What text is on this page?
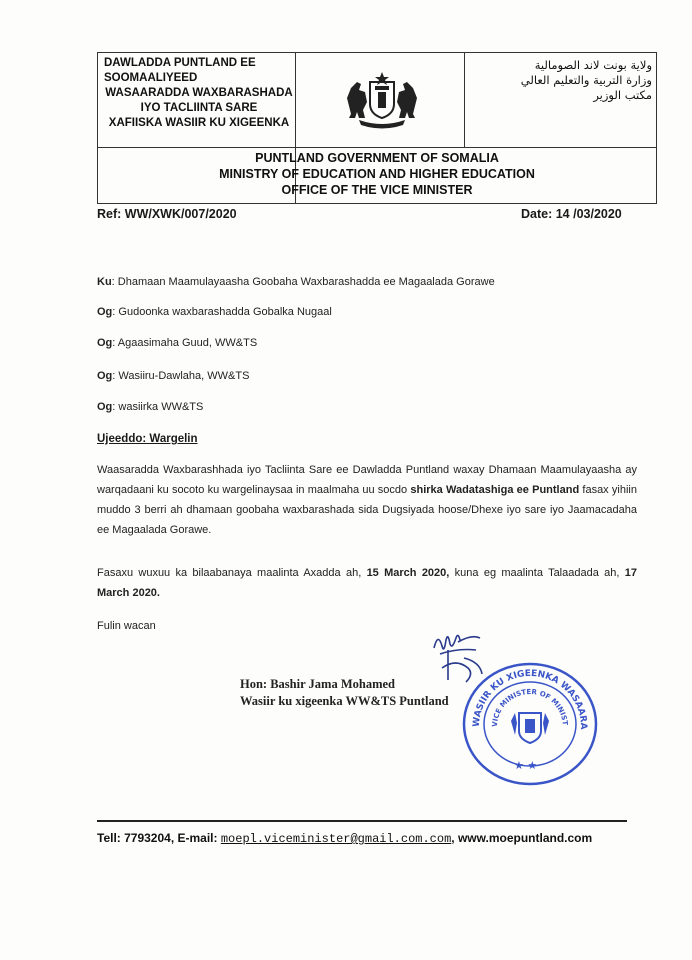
DAWLADDA PUNTLAND EE
SOOMAALIYEED
WASAARADDA WAXBARASHADA
IYO TACLIINTA SARE
XAFIISKA WASIIR KU XIGEENKA
ولاية بونت لاند الصومالية
وزارة التربية والتعليم العالي
مكتب الوزير
PUNTLAND GOVERNMENT OF SOMALIA
MINISTRY OF EDUCATION AND HIGHER EDUCATION
OFFICE OF THE VICE MINISTER
Ref: WW/XWK/007/2020	Date: 14 /03/2020
Ku: Dhamaan Maamulayaasha Goobaha Waxbarashadda ee Magaalada Gorawe
Og: Gudoonka waxbarashadda Gobalka Nugaal
Og: Agaasimaha Guud, WW&TS
Og: Wasiiru-Dawlaha, WW&TS
Og: wasiirka WW&TS
Ujeeddo: Wargelin
Waasaradda Waxbarashhada iyo Tacliinta Sare ee Dawladda Puntland waxay Dhamaan Maamulayaasha ay warqadaani ku socoto ku wargelinaysaa in maalmaha uu socdo shirka Wadatashiga ee Puntland fasax yihiin muddo 3 berri ah dhamaan goobaha waxbarashada sida Dugsiyada hoose/Dhexe iyo sare iyo Jaamacadaha ee Magaalada Gorawe.
Fasaxu wuxuu ka bilaabanaya maalinta Axadda ah, 15 March 2020, kuna eg maalinta Talaadada ah, 17 March 2020.
Fulin wacan
Hon: Bashir Jama Mohamed
Wasiir ku xigeenka WW&TS Puntland
WASIIR KU XIGEENKA WASAARA
VICE MINISTER OF MINIST
★ ★
Tell: 7793204, E-mail: moepl.viceminister@gmail.com.com, www.moepuntland.com
